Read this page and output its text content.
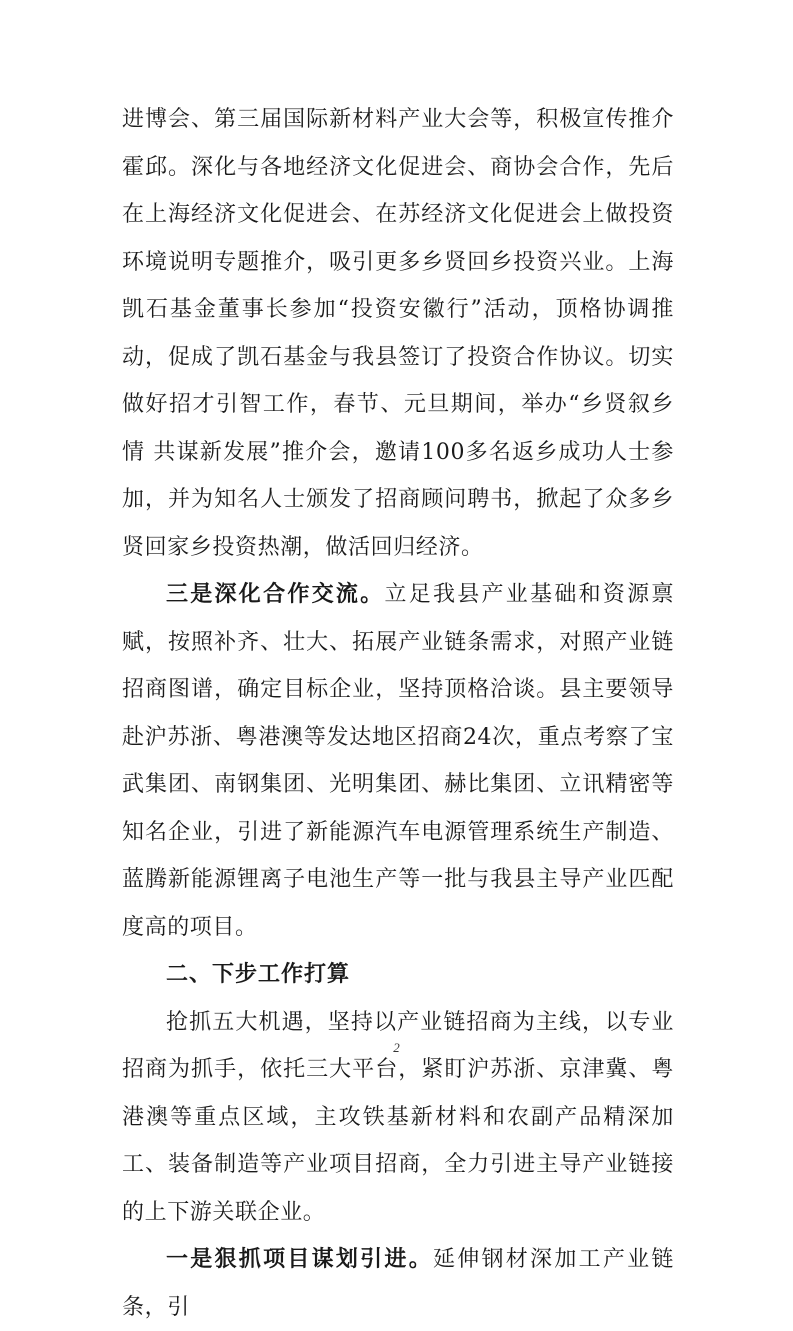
进博会、第三届国际新材料产业大会等，积极宣传推介霍邱。深化与各地经济文化促进会、商协会合作，先后在上海经济文化促进会、在苏经济文化促进会上做投资环境说明专题推介，吸引更多乡贤回乡投资兴业。上海凯石基金董事长参加“投资安徽行”活动，顶格协调推动，促成了凯石基金与我县签订了投资合作协议。切实做好招才引智工作，春节、元旦期间，举办“乡贤叙乡情 共谋新发展”推介会，邀请100多名返乡成功人士参加，并为知名人士颁发了招商顾问聘书，掀起了众多乡贤回家乡投资热潮，做活回归经济。

三是深化合作交流。立足我县产业基础和资源禀赋，按照补齐、壮大、拓展产业链条需求，对照产业链招商图谱，确定目标企业，坚持顶格洽谈。县主要领导赴沪苏浙、粤港澳等发达地区招商24次，重点考察了宝武集团、南钢集团、光明集团、赫比集团、立讯精密等知名企业，引进了新能源汽车电源管理系统生产制造、蓝腾新能源锂离子电池生产等一批与我县主导产业匹配度高的项目。

二、下步工作打算

抢抓五大机遇，坚持以产业链招商为主线，以专业招商为抓手，依托三大平台，紧盯沪苏浙、京津冀、粤港澳等重点区域，主攻铁基新材料和农副产品精深加工、装备制造等产业项目招商，全力引进主导产业链接的上下游关联企业。

一是狠抓项目谋划引进。延伸钢材深加工产业链条，引

2
